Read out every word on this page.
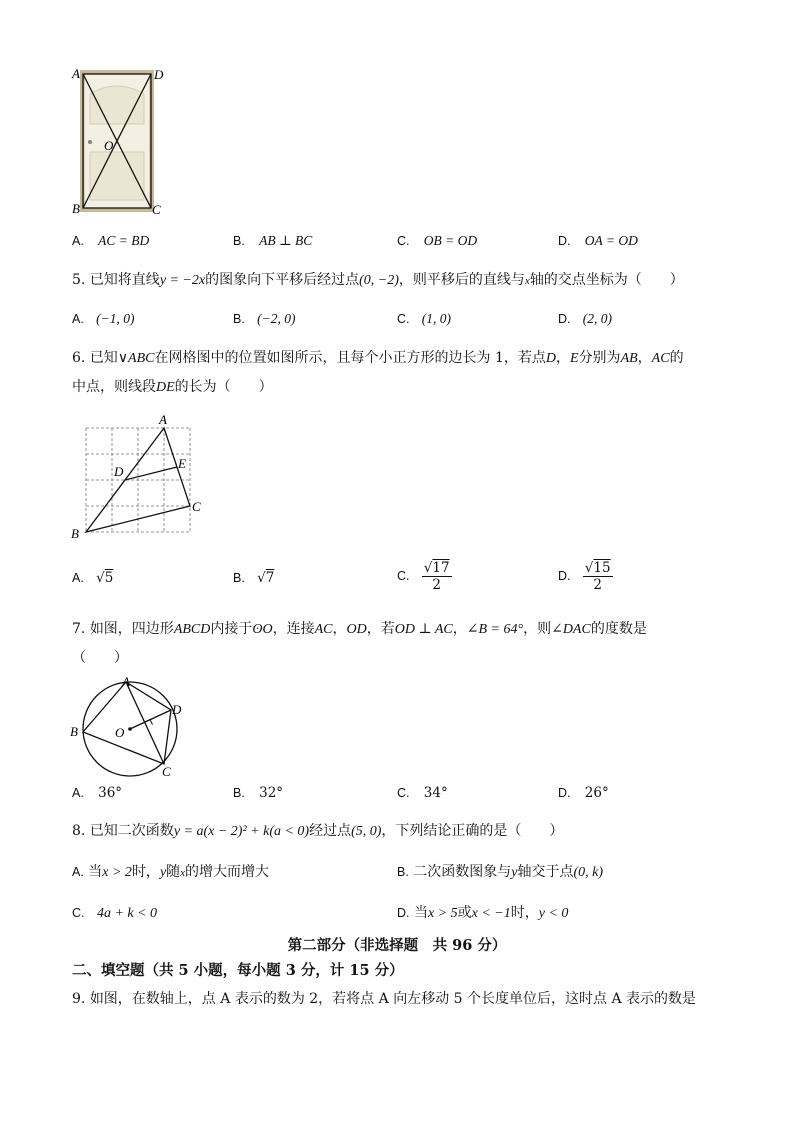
A	D
O
B	C
A. AC = BD	B. AB ⊥ BC	C. OB = OD	D. OA = OD
5. 已知将直线y = −2x的图象向下平移后经过点(0, −2)，则平移后的直线与x轴的交点坐标为（　　）
A. (−1, 0)	B. (−2, 0)	C. (1, 0)	D. (2, 0)
6. 已知∨ABC在网格图中的位置如图所示，且每个小正方形的边长为 1，若点D，E分别为AB，AC的
中点，则线段DE的长为（　　）
A
D
E
B
C
A. √5	B. √7	C. $\frac{√17}{2}$	D. $\frac{√15}{2}$
7. 如图，四边形ABCD内接于ʘO，连接AC，OD，若OD ⊥ AC，∠B = 64°，则∠DAC的度数是
（　　）
A
B	O
D
C
A. 36°	B. 32°	C. 34°	D. 26°
8. 已知二次函数y = a(x − 2)² + k(a < 0)经过点(5, 0)，下列结论正确的是（　　）
A. 当x > 2时，y随x的增大而增大	B. 二次函数图象与y轴交于点(0, k)
C. 4a + k < 0	D. 当x > 5或x < −1时，y < 0
第二部分（非选择题　共 96 分）
二、填空题（共 5 小题，每小题 3 分，计 15 分）
9. 如图，在数轴上，点 A 表示的数为 2，若将点 A 向左移动 5 个长度单位后，这时点 A 表示的数是
